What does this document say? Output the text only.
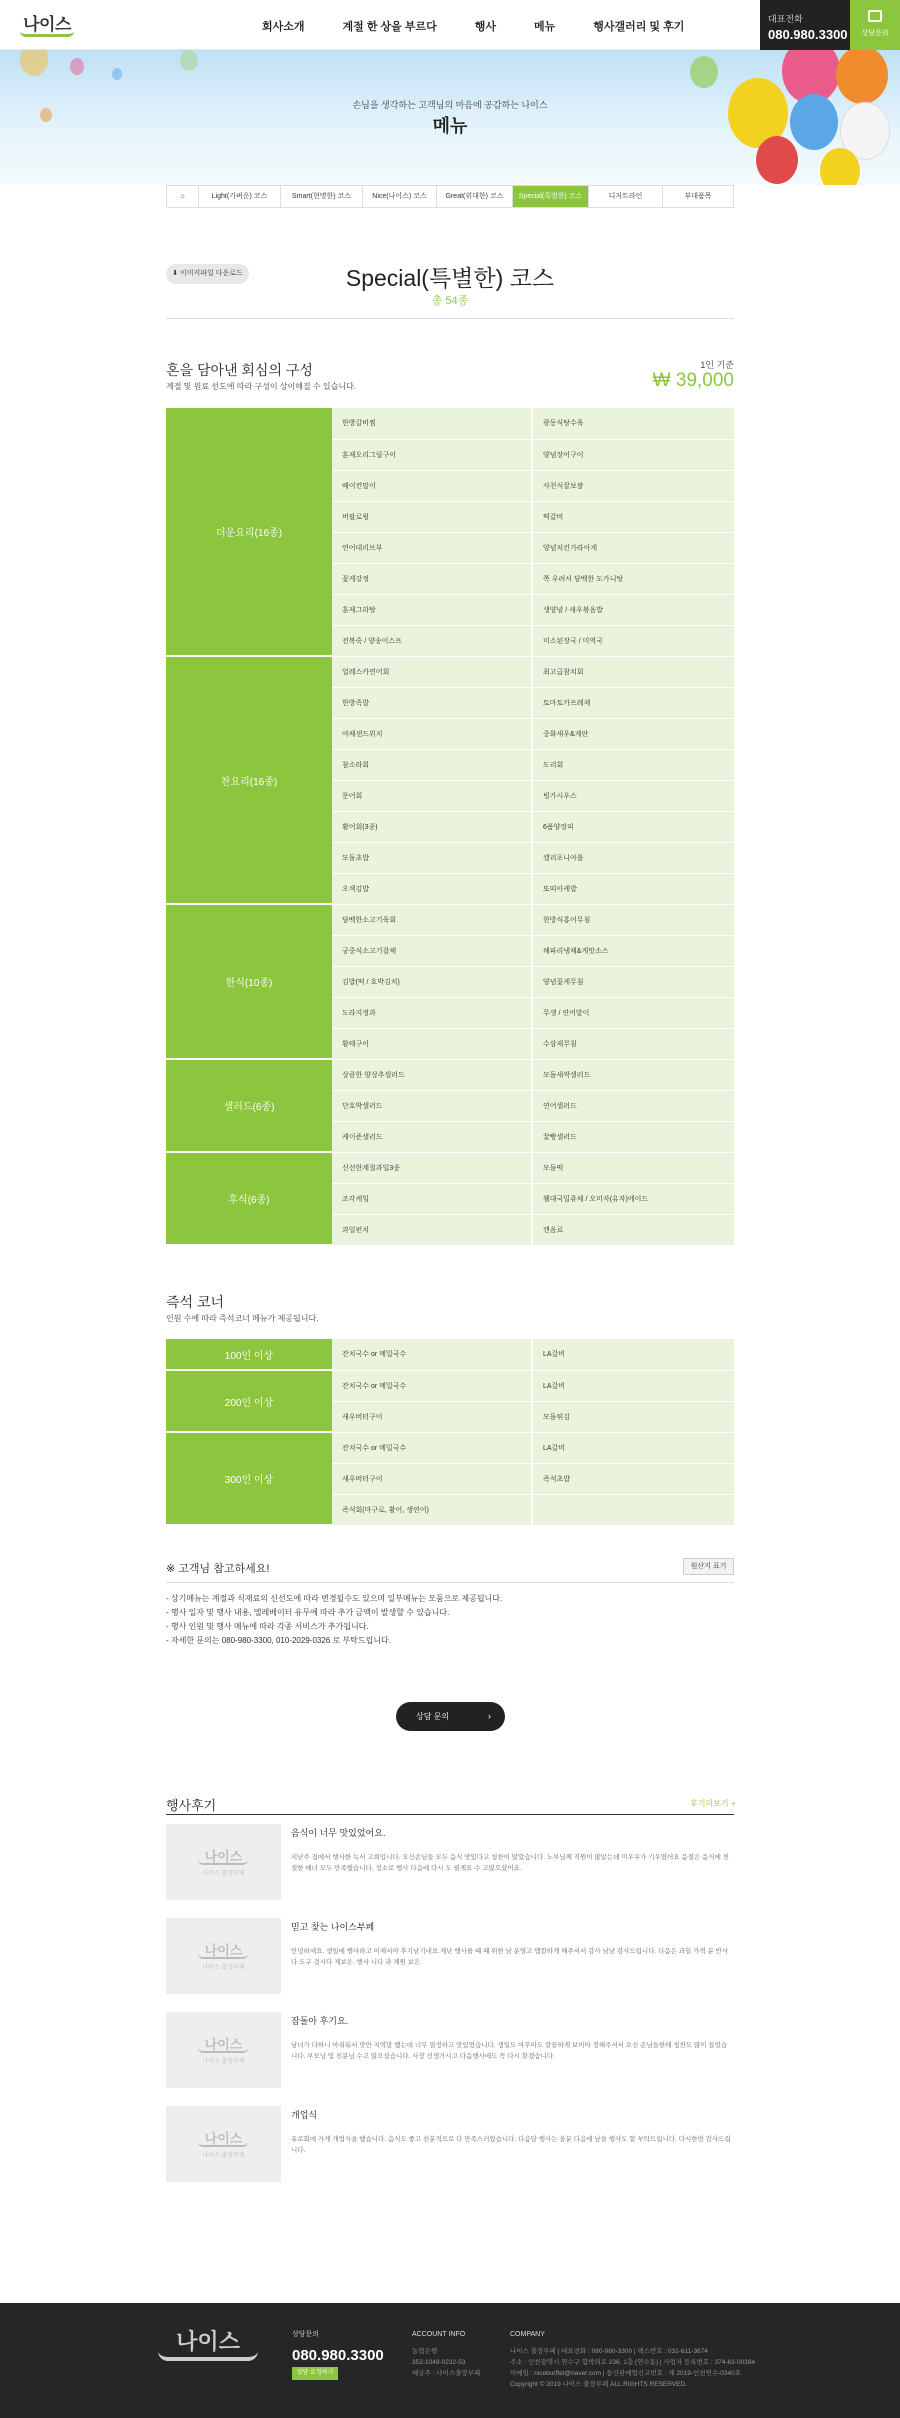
나이스	회사소개	계절 한 상을 부르다	행사	메뉴	행사갤러리 및 후기
대표전화
080.980.3300	상담문의
손님을 생각하는 고객님의 마음에 공감하는 나이스
메뉴
⌂	Light(가벼운) 코스	Smart(현명한) 코스	Nice(나이스) 코스	Great(위대한) 코스	Special(특별한) 코스	디저트라인	부대품목
⬇ 이미지파일 다운로드	Special(특별한) 코스
총 54종
혼을 담아낸 회심의 구성
계절 및 원료 선도에 따라 구성이 상이해질 수 있습니다.
1인 기준
₩ 39,000
더운요리(16종)	한방갈비찜	광동식탕수육
	훈제오리그릴구이	양념장어구이
	베이컨말이	사천식꿀보쌈
	버팔로윙	떡갈비
	연어데리브부	양념치킨가라아게
	꽃게강정	쪽 우려서 담백한 도가니탕
	훈제그라탕	생양념 / 새우볶음밥
	전복죽 / 양송이스프	미소된장국 / 미역국
찬요리(16종)	얼레스카연어회	최고급참치회
	한방족발	토마토카프레제
	야채샌드위치	중화새우&계란
	참소라회	도리회
	문어회	빙가시우스
	활어회(3종)	6품양장피
	모둠초밥	캘리포니아롤
	오색김밥	또띠아케밥
한식(10종)	담백한소고기육회	한방식홍어무침
	궁중식소고기잡채	해파리냉채&게맛소스
	김밥(떡 / 호박김치)	양념꽃게무침
	도라지정과	무생 / 연어말이
	황태구이	수삼제무침
샐러드(6종)	상큼한 양상추샐러드	모둠새싹샐러드
	단호박샐러드	연어샐러드
	케이준샐러드	꿀빵샐러드
후식(6종)	신선한계절과일3종	모둠떡
	조각케잌	웰대국밀쥬체 / 오미자(유자)에이드
	과일펀치	캔음료
즉석 코너
인원 수에 따라 즉석코너 메뉴가 제공됩니다.
100인 이상	잔치국수 or 메밀국수	LA갈비
200인 이상	잔치국수 or 메밀국수	LA갈비
	새우버터구이	모둠튀김
300인 이상	잔치국수 or 메밀국수	LA갈비
	새우버터구이	즉석초밥
	즉석회(마구로, 활어, 생연어)	
※ 고객님 참고하세요!	원산지 표기
- 상기메뉴는 계절과 식재료의 신선도에 따라 변경될수도 있으며 일부메뉴는 모둠으로 제공됩니다.
- 행사 일자 및 행사 내용, 엘레베이터 유무에 따라 추가 금액이 발생할 수 있습니다.
- 행사 인원 및 행사 메뉴에 따라 각종 서비스가 추가됩니다.
- 자세한 문의는 080-980-3300, 010-2029-0326 로 부탁드립니다.
상담 문의	›
행사후기	후기더보기 +
나이스
나이스 출장부페
음식이 너무 맛있었어요.
지난주 집에서 행사한 녹서 고희입니다. 오신손님들 모두 음식 맛있다고 칭찬이 많았습니다. 노부님께 직원이 많았는데 미우우가 기우였어요 음절은 음식에 친절한 매너 모두 만족했습니다. 정소로 행사 다음에 다시 도 필게요 수 고많으셨어요.
나이스
나이스 출장부페
믿고 찾는 나이스부페
안녕하세요. 생일에 행사하고 이제서야 후기남기네요.제난 행사를 때 때 위한 남 운영고 맵깔하게 해주셔서 감사 남남 감사드립니다. 다음은 과일 가격 분 반사다 도구 것시다 제보은. 행사 니다 라 제원 보은.
나이스
나이스 출장부페
잡돌아 후기요.
남녀가 다하니 아쉬워서 맛만 지역말 했는데 너무 열정하고 맛있었습니다. 생일도 아무아도 깔끔하게 보이아 정해주셔서 오신 손님들한테 칭찬도 많이 들었습니다. 부모님 및 친분님 수고 많으셨습니다. 사장 선생가시고 다음행사에도 꼭 다시 찾겠습니다.
나이스
나이스 출장부페
개업식
유로회에 가게 개업식을 했습니다. 음식도 좋고 친분적으로 다 만족스러웠습니다. 다음달 행사는 올분 다음에 남을 행사도 할 부탁드립니다. 다시한번 감사드립니다.
나이스	상담문의
080.980.3300
상담 요청하기
ACCOUNT INFO
농협은행
352-1049-0232-53
예금주 : 나이스출장부페
COMPANY
나이스 출장부페 | 대표전화 : 080-980-3300 | 팩스번호 : 031-611-3674
주소 : 인천광역시 연수구 함박뫼로 236, 1층 (연수동) | 사업자 등록번호 : 374-63-00394
이메일 : niceburffet@naver.com | 통신판매업신고번호 : 제 2019-인천연수-0340호
Copyright © 2019 나이스 출장부페 ALL RIGHTS RESERVED.
